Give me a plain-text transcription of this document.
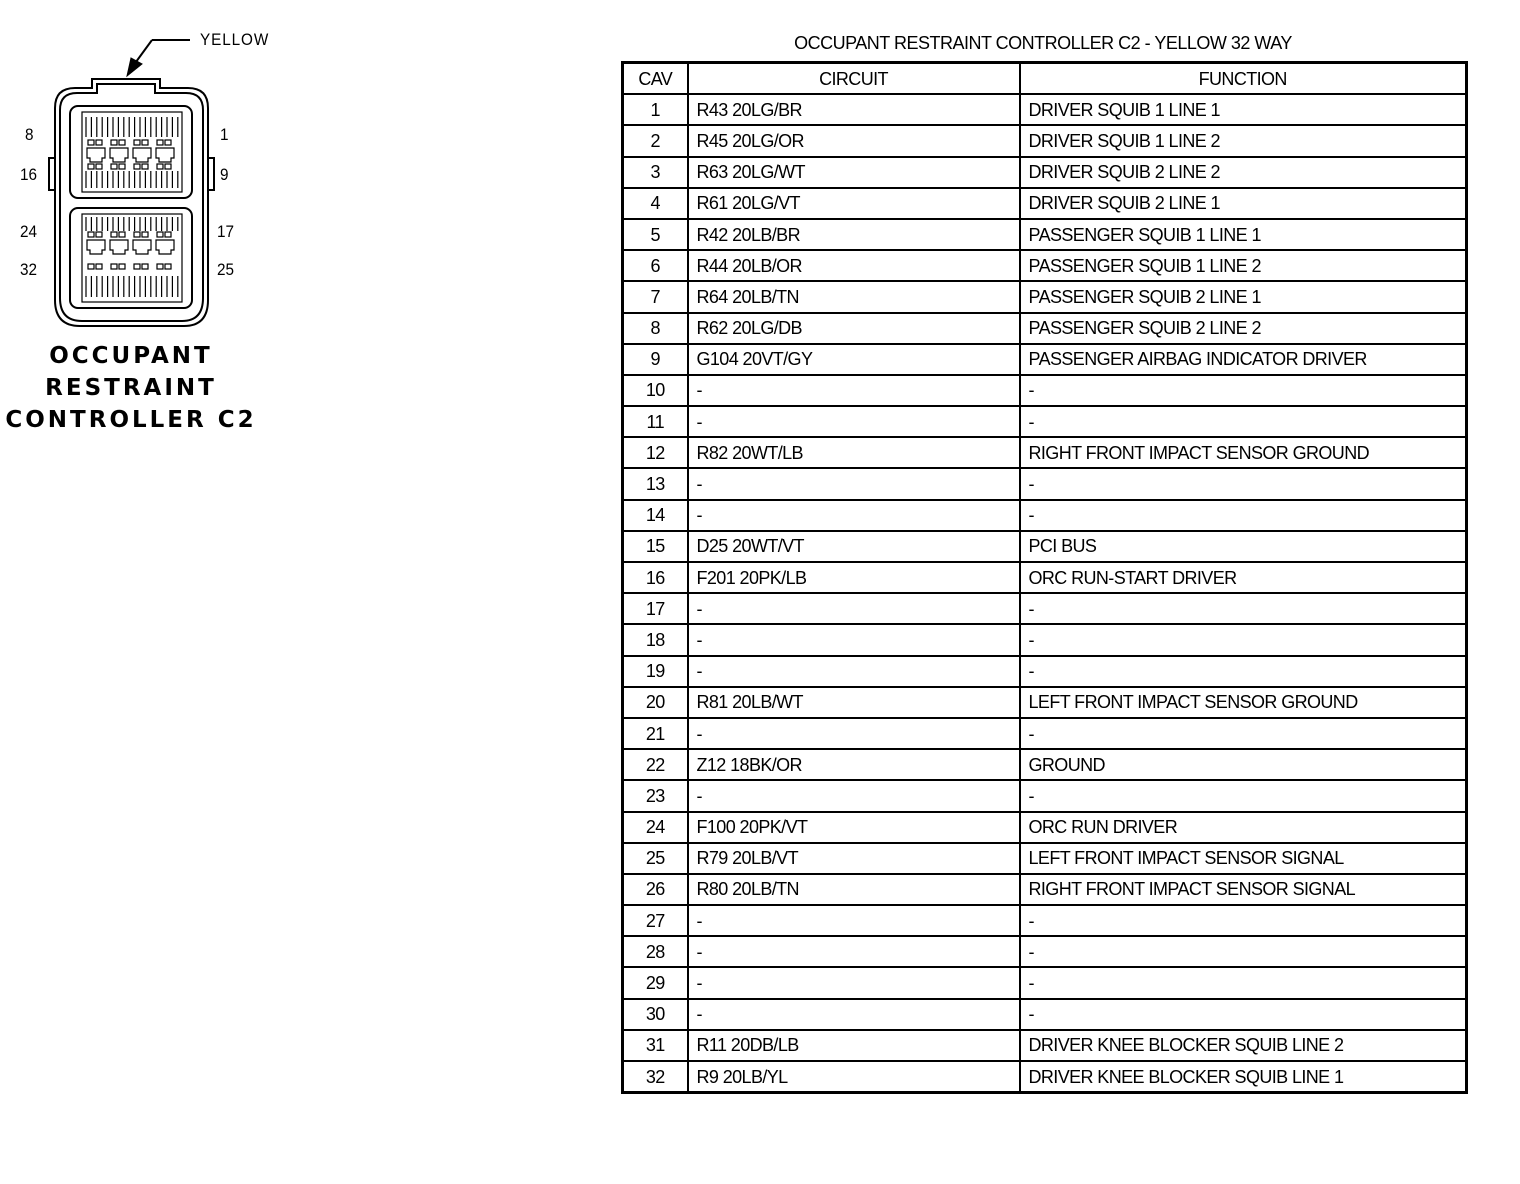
YELLOW
8	1
16	9
24	17
32	25
OCCUPANT
RESTRAINT
CONTROLLER C2
OCCUPANT RESTRAINT CONTROLLER C2 - YELLOW 32 WAY
CAV	CIRCUIT	FUNCTION
1	R43 20LG/BR	DRIVER SQUIB 1 LINE 1
2	R45 20LG/OR	DRIVER SQUIB 1 LINE 2
3	R63 20LG/WT	DRIVER SQUIB 2 LINE 2
4	R61 20LG/VT	DRIVER SQUIB 2 LINE 1
5	R42 20LB/BR	PASSENGER SQUIB 1 LINE 1
6	R44 20LB/OR	PASSENGER SQUIB 1 LINE 2
7	R64 20LB/TN	PASSENGER SQUIB 2 LINE 1
8	R62 20LG/DB	PASSENGER SQUIB 2 LINE 2
9	G104 20VT/GY	PASSENGER AIRBAG INDICATOR DRIVER
10	-	-
11	-	-
12	R82 20WT/LB	RIGHT FRONT IMPACT SENSOR GROUND
13	-	-
14	-	-
15	D25 20WT/VT	PCI BUS
16	F201 20PK/LB	ORC RUN-START DRIVER
17	-	-
18	-	-
19	-	-
20	R81 20LB/WT	LEFT FRONT IMPACT SENSOR GROUND
21	-	-
22	Z12 18BK/OR	GROUND
23	-	-
24	F100 20PK/VT	ORC RUN DRIVER
25	R79 20LB/VT	LEFT FRONT IMPACT SENSOR SIGNAL
26	R80 20LB/TN	RIGHT FRONT IMPACT SENSOR SIGNAL
27	-	-
28	-	-
29	-	-
30	-	-
31	R11 20DB/LB	DRIVER KNEE BLOCKER SQUIB LINE 2
32	R9 20LB/YL	DRIVER KNEE BLOCKER SQUIB LINE 1
